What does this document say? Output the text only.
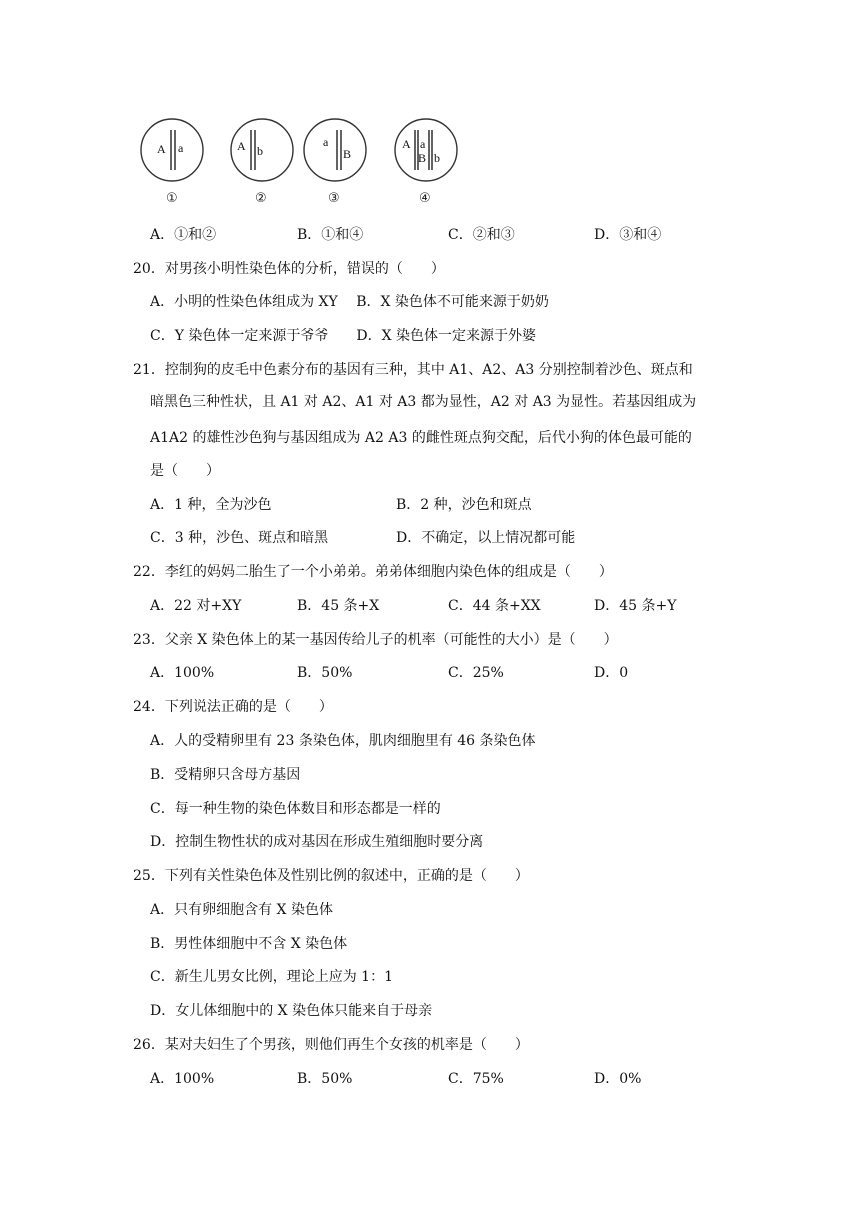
A a
①
A b
②
a
B
③
A a
B b
④
A．①和②	B．①和④	C．②和③	D．③和④
20．对男孩小明性染色体的分析，错误的（　　）
A．小明的性染色体组成为 XY　 B．X 染色体不可能来源于奶奶
C．Y 染色体一定来源于爷爷　　D．X 染色体一定来源于外婆
21．控制狗的皮毛中色素分布的基因有三种，其中 A1、A2、A3 分别控制着沙色、斑点和
暗黑色三种性状，且 A1 对 A2、A1 对 A3 都为显性，A2 对 A3 为显性。若基因组成为
A1A2 的雄性沙色狗与基因组成为 A2 A3 的雌性斑点狗交配，后代小狗的体色最可能的
是（　　）
A．1 种，全为沙色	B．2 种，沙色和斑点
C．3 种，沙色、斑点和暗黑	D．不确定，以上情况都可能
22．李红的妈妈二胎生了一个小弟弟。弟弟体细胞内染色体的组成是（　　）
A．22 对+XY	B．45 条+X	C．44 条+XX	D．45 条+Y
23．父亲 X 染色体上的某一基因传给儿子的机率（可能性的大小）是（　　）
A．100%	B．50%	C．25%	D．0
24．下列说法正确的是（　　）
A．人的受精卵里有 23 条染色体，肌肉细胞里有 46 条染色体
B．受精卵只含母方基因
C．每一种生物的染色体数目和形态都是一样的
D．控制生物性状的成对基因在形成生殖细胞时要分离
25．下列有关性染色体及性别比例的叙述中，正确的是（　　）
A．只有卵细胞含有 X 染色体
B．男性体细胞中不含 X 染色体
C．新生儿男女比例，理论上应为 1：1
D．女儿体细胞中的 X 染色体只能来自于母亲
26．某对夫妇生了个男孩，则他们再生个女孩的机率是（　　）
A．100%	B．50%	C．75%	D．0%
